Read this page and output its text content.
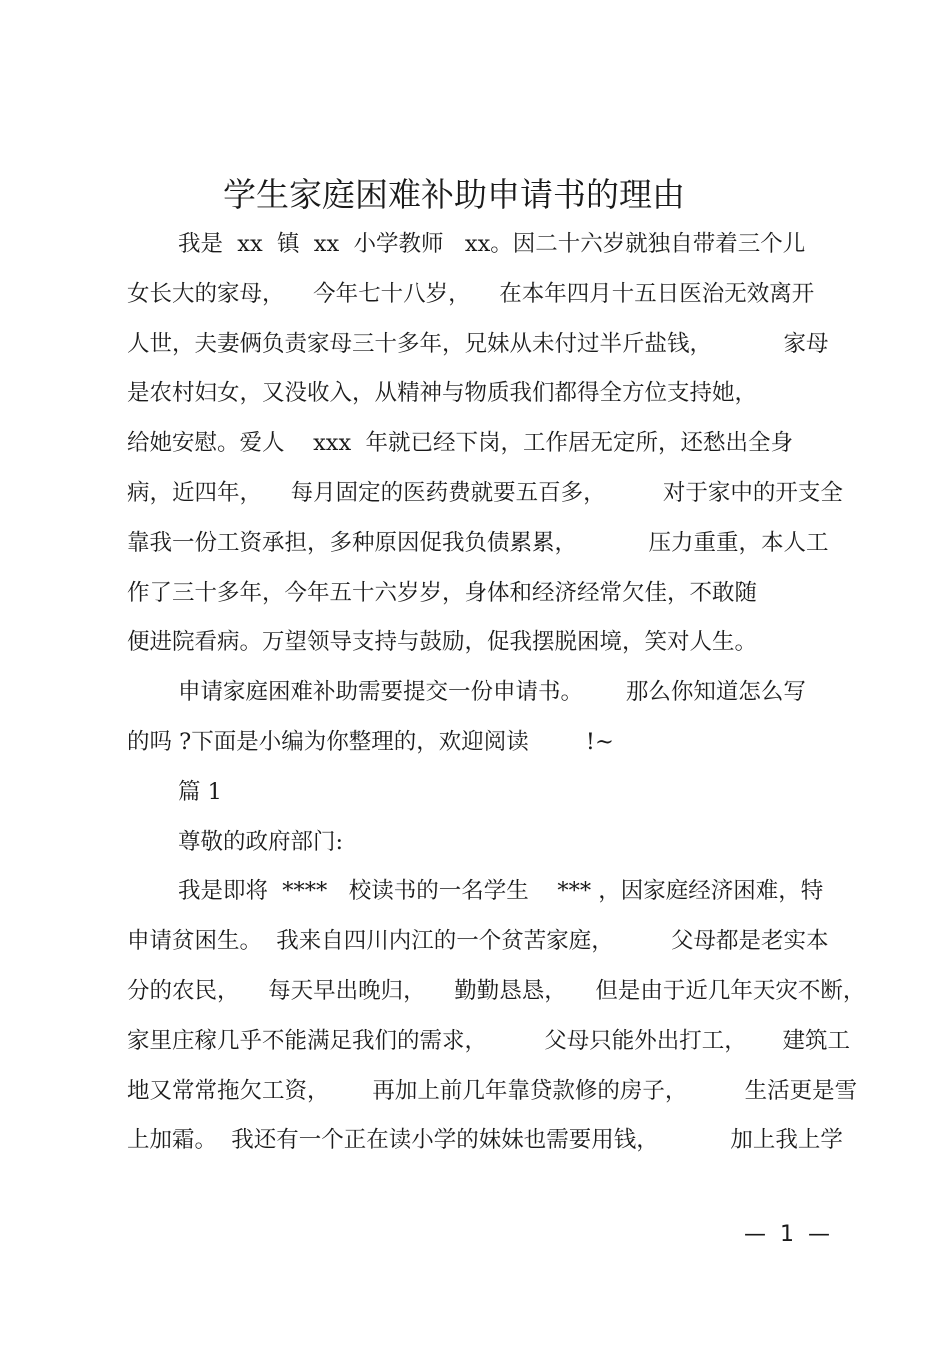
学生家庭困难补助申请书的理由
我是  xx  镇  xx  小学教师   xx。因二十六岁就独自带着三个儿
女长大的家母，    今年七十八岁，    在本年四月十五日医治无效离开
人世，夫妻俩负责家母三十多年，兄妹从未付过半斤盐钱，          家母
是农村妇女，又没收入，从精神与物质我们都得全方位支持她，
给她安慰。爱人    xxx  年就已经下岗，工作居无定所，还愁出全身
病，近四年，    每月固定的医药费就要五百多，        对于家中的开支全
靠我一份工资承担，多种原因促我负债累累，          压力重重，本人工
作了三十多年，今年五十六岁岁，身体和经济经常欠佳，不敢随
便进院看病。万望领导支持与鼓励，促我摆脱困境，笑对人生。
申请家庭困难补助需要提交一份申请书。      那么你知道怎么写
的吗 ?下面是小编为你整理的，欢迎阅读        !~
篇 1
尊敬的政府部门:
我是即将  ****   校读书的一名学生    *** ，因家庭经济困难，特
申请贫困生。  我来自四川内江的一个贫苦家庭，        父母都是老实本
分的农民，    每天早出晚归，    勤勤恳恳，    但是由于近几年天灾不断，
家里庄稼几乎不能满足我们的需求，        父母只能外出打工，     建筑工
地又常常拖欠工资，      再加上前几年靠贷款修的房子，        生活更是雪
上加霜。  我还有一个正在读小学的妹妹也需要用钱，          加上我上学
—  1  —
